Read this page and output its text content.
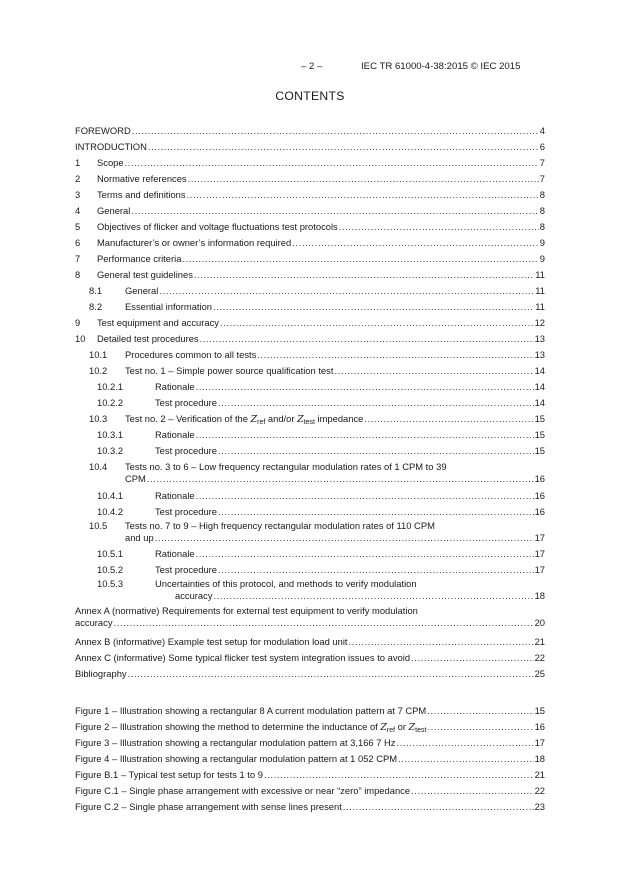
– 2 –	IEC TR 61000-4-38:2015 © IEC 2015
CONTENTS
FOREWORD .....	4
INTRODUCTION .....	6
1 Scope .....	7
2 Normative references .....	7
3 Terms and definitions .....	8
4 General .....	8
5 Objectives of flicker and voltage fluctuations test protocols .....	8
6 Manufacturer’s or owner’s information required .....	9
7 Performance criteria .....	9
8 General test guidelines .....	11
8.1 General .....	11
8.2 Essential information .....	11
9 Test equipment and accuracy .....	12
10 Detailed test procedures .....	13
10.1 Procedures common to all tests .....	13
10.2 Test no. 1 – Simple power source qualification test .....	14
10.2.1	Rationale .....	14
10.2.2	Test procedure .....	14
10.3 Test no. 2 – Verification of the $Z_{ref}$ and/or $Z_{test}$ impedance .....	15
10.3.1	Rationale .....	15
10.3.2	Test procedure .....	15
10.4 Tests no. 3 to 6 – Low frequency rectangular modulation rates of 1 CPM to 39
CPM .....	16
10.4.1	Rationale .....	16
10.4.2	Test procedure .....	16
10.5 Tests no. 7 to 9 – High frequency rectangular modulation rates of 110 CPM
and up .....	17
10.5.1	Rationale .....	17
10.5.2	Test procedure .....	17
10.5.3	Uncertainties of this protocol, and methods to verify modulation
accuracy .....	18
Annex A (normative) Requirements for external test equipment to verify modulation
accuracy .....	20
Annex B (informative) Example test setup for modulation load unit .....	21
Annex C (informative) Some typical flicker test system integration issues to avoid .....	22
Bibliography .....	25
Figure 1 – Illustration showing a rectangular 8 A current modulation pattern at 7 CPM .....	15
Figure 2 – Illustration showing the method to determine the inductance of $Z_{ref}$ or $Z_{test}$ .....	16
Figure 3 – Illustration showing a rectangular modulation pattern at 3,166 7 Hz .....	17
Figure 4 – Illustration showing a rectangular modulation pattern at 1 052 CPM .....	18
Figure B.1 – Typical test setup for tests 1 to 9 .....	21
Figure C.1 – Single phase arrangement with excessive or near “zero” impedance .....	22
Figure C.2 – Single phase arrangement with sense lines present .....	23
